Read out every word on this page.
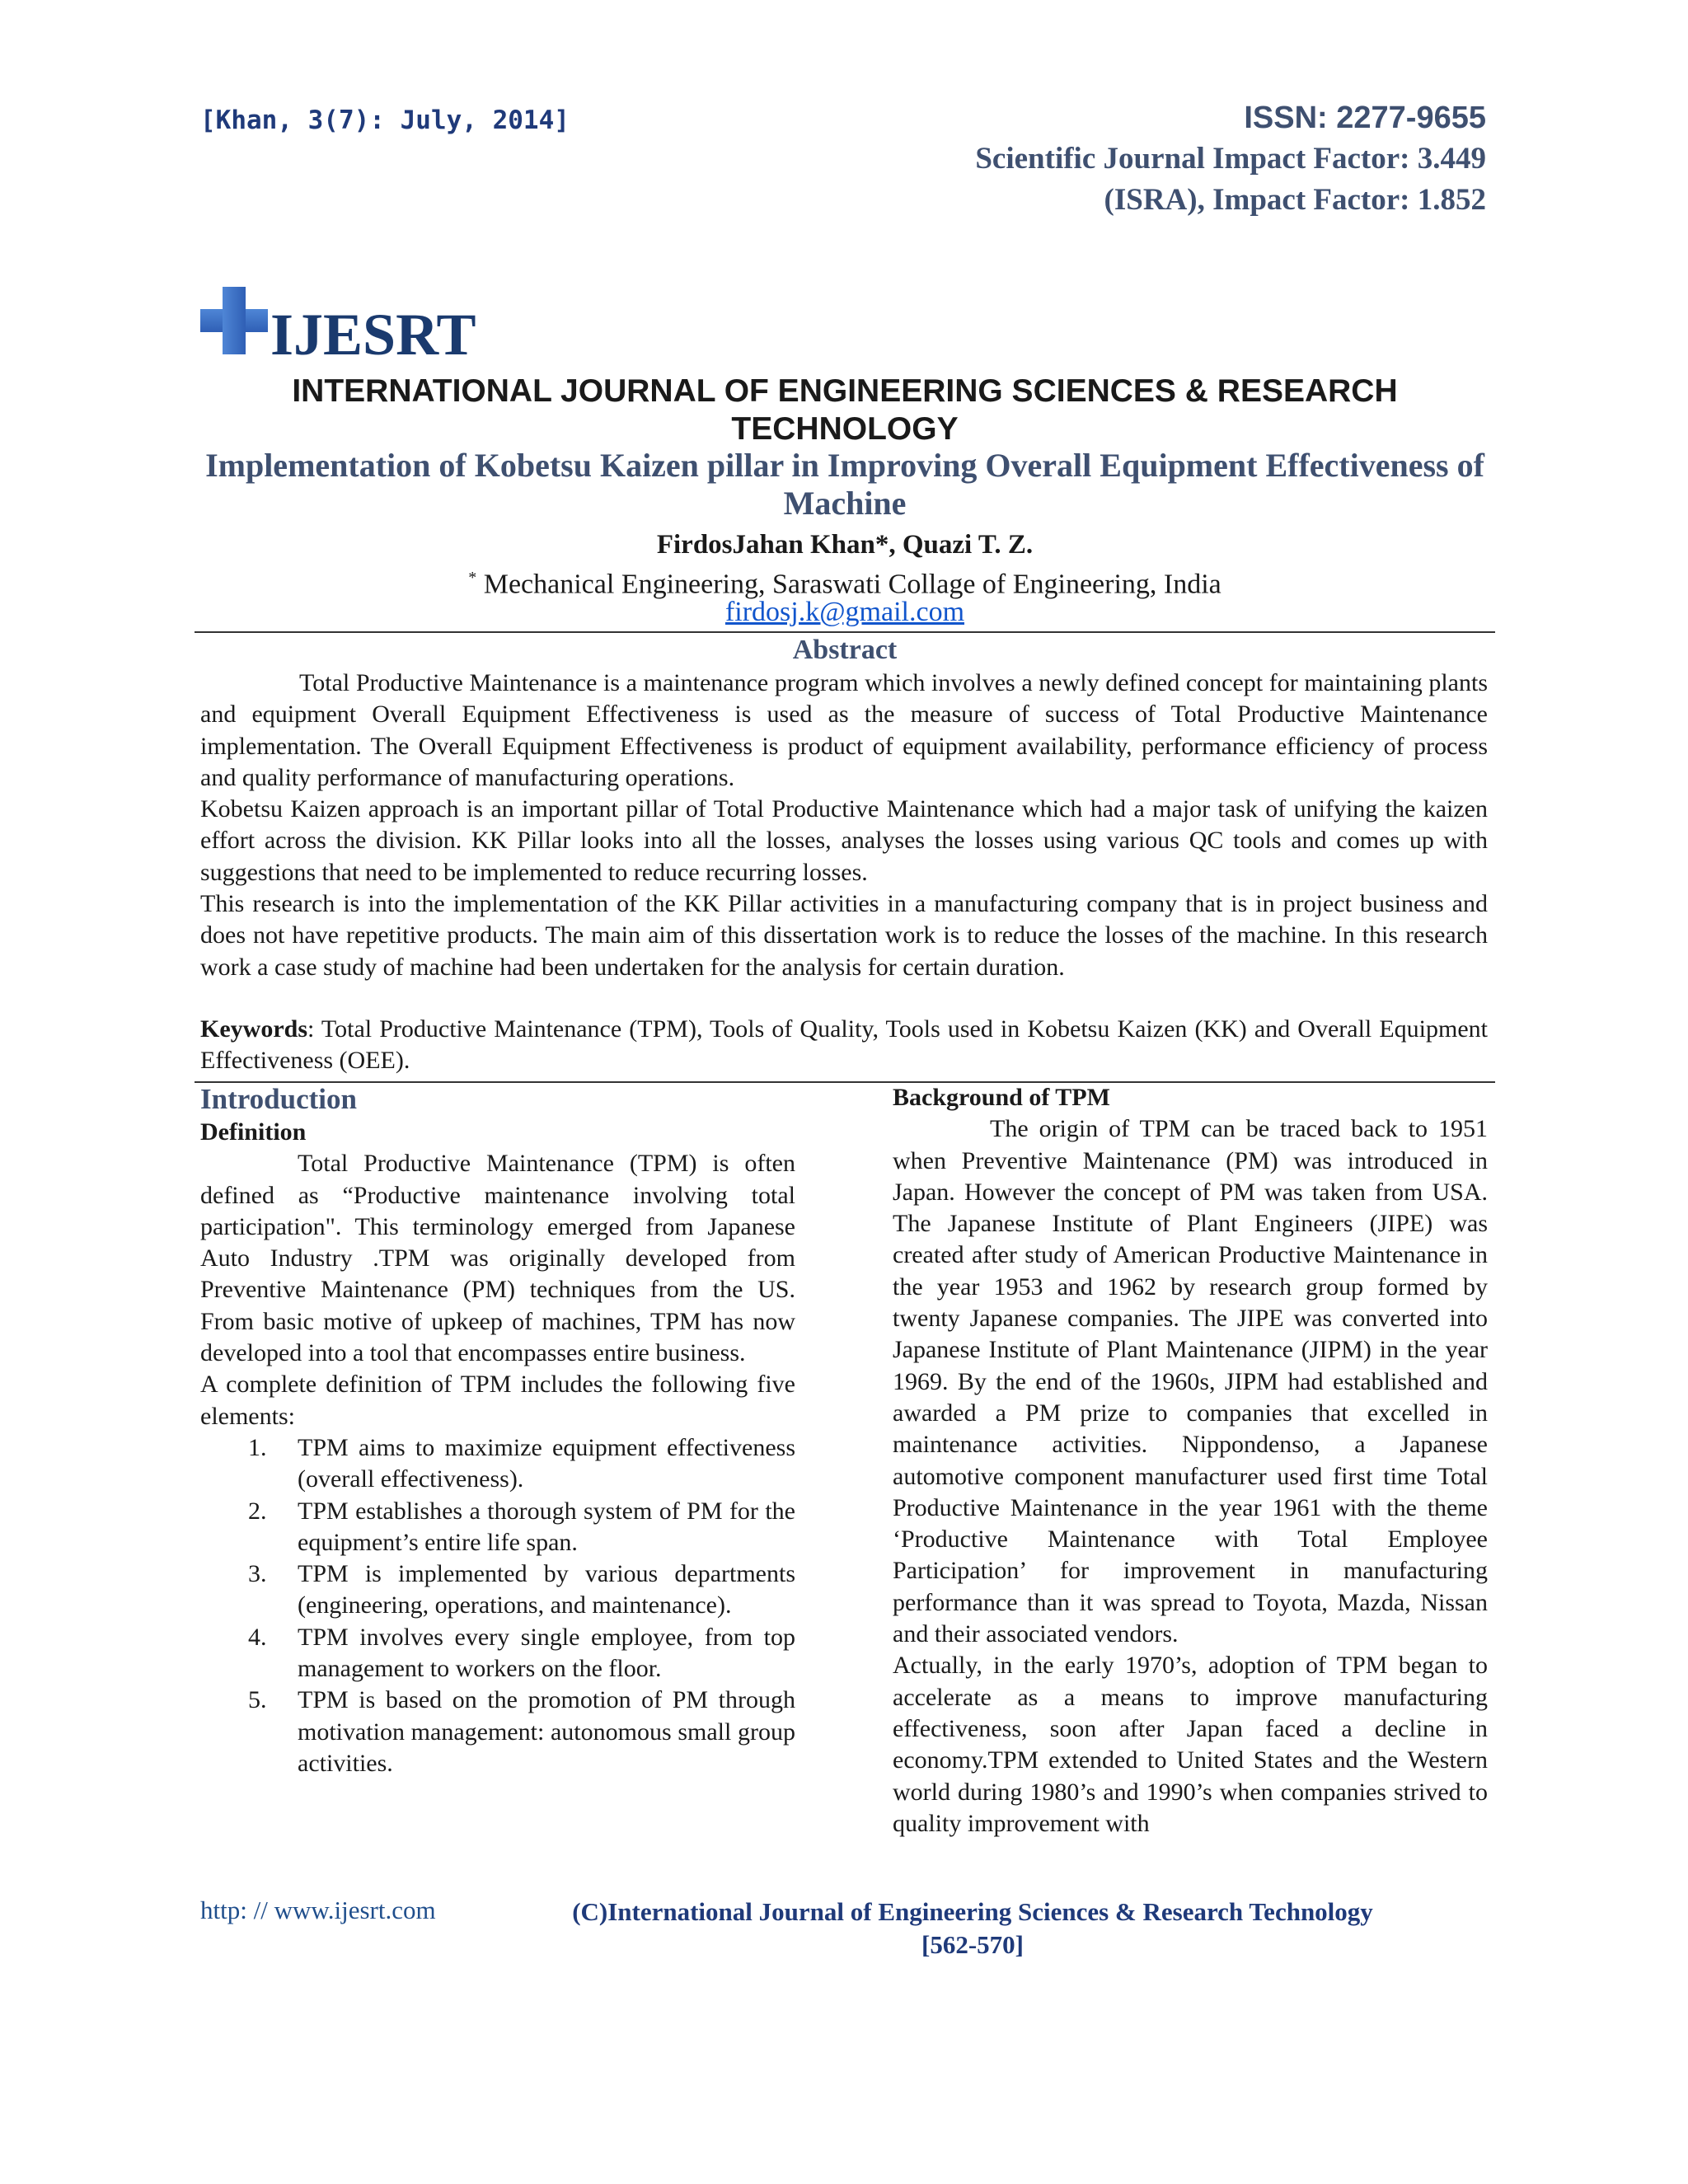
[Khan, 3(7): July, 2014]	ISSN: 2277-9655
Scientific Journal Impact Factor: 3.449
(ISRA), Impact Factor: 1.852
IJESRT
INTERNATIONAL JOURNAL OF ENGINEERING SCIENCES & RESEARCH TECHNOLOGY
Implementation of Kobetsu Kaizen pillar in Improving Overall Equipment Effectiveness of Machine
FirdosJahan Khan*, Quazi T. Z.
* Mechanical Engineering, Saraswati Collage of Engineering, India
firdosj.k@gmail.com
Abstract

Total Productive Maintenance is a maintenance program which involves a newly defined concept for maintaining plants and equipment Overall Equipment Effectiveness is used as the measure of success of Total Productive Maintenance implementation. The Overall Equipment Effectiveness is product of equipment availability, performance efficiency of process and quality performance of manufacturing operations.

Kobetsu Kaizen approach is an important pillar of Total Productive Maintenance which had a major task of unifying the kaizen effort across the division. KK Pillar looks into all the losses, analyses the losses using various QC tools and comes up with suggestions that need to be implemented to reduce recurring losses.

This research is into the implementation of the KK Pillar activities in a manufacturing company that is in project business and does not have repetitive products. The main aim of this dissertation work is to reduce the losses of the machine. In this research work a case study of machine had been undertaken for the analysis for certain duration.

Keywords: Total Productive Maintenance (TPM), Tools of Quality, Tools used in Kobetsu Kaizen (KK) and Overall Equipment Effectiveness (OEE).
Introduction
Definition

Total Productive Maintenance (TPM) is often defined as “Productive maintenance involving total participation". This terminology emerged from Japanese Auto Industry .TPM was originally developed from Preventive Maintenance (PM) techniques from the US. From basic motive of upkeep of machines, TPM has now developed into a tool that encompasses entire business.

A complete definition of TPM includes the following five elements:

1. TPM aims to maximize equipment effectiveness (overall effectiveness).
2. TPM establishes a thorough system of PM for the equipment’s entire life span.
3. TPM is implemented by various departments (engineering, operations, and maintenance).
4. TPM involves every single employee, from top management to workers on the floor.
5. TPM is based on the promotion of PM through motivation management: autonomous small group activities.
Background of TPM

The origin of TPM can be traced back to 1951 when Preventive Maintenance (PM) was introduced in Japan. However the concept of PM was taken from USA. The Japanese Institute of Plant Engineers (JIPE) was created after study of American Productive Maintenance in the year 1953 and 1962 by research group formed by twenty Japanese companies. The JIPE was converted into Japanese Institute of Plant Maintenance (JIPM) in the year 1969. By the end of the 1960s, JIPM had established and awarded a PM prize to companies that excelled in maintenance activities. Nippondenso, a Japanese automotive component manufacturer used first time Total Productive Maintenance in the year 1961 with the theme ‘Productive Maintenance with Total Employee Participation’ for improvement in manufacturing performance than it was spread to Toyota, Mazda, Nissan and their associated vendors.

Actually, in the early 1970’s, adoption of TPM began to accelerate as a means to improve manufacturing effectiveness, soon after Japan faced a decline in economy.TPM extended to United States and the Western world during 1980’s and 1990’s when companies strived to quality improvement with

http: // www.ijesrt.com	(C)International Journal of Engineering Sciences & Research Technology
[562-570]
